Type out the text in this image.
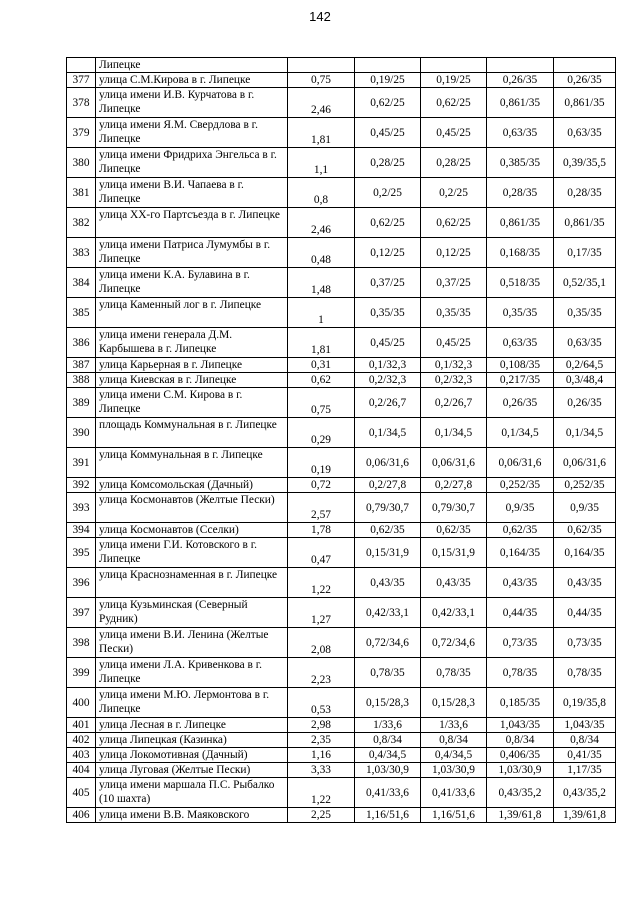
142
	Липецке					
377	улица С.М.Кирова в г. Липецке	0,75	0,19/25	0,19/25	0,26/35	0,26/35
378	улица имени И.В. Курчатова в г. Липецке	2,46	0,62/25	0,62/25	0,861/35	0,861/35
379	улица имени Я.М. Свердлова в г. Липецке	1,81	0,45/25	0,45/25	0,63/35	0,63/35
380	улица имени Фридриха Энгельса в г. Липецке	1,1	0,28/25	0,28/25	0,385/35	0,39/35,5
381	улица имени В.И. Чапаева в г. Липецке	0,8	0,2/25	0,2/25	0,28/35	0,28/35
382	улица XX-го Партсъезда в г. Липецке	2,46	0,62/25	0,62/25	0,861/35	0,861/35
383	улица имени Патриса Лумумбы в г. Липецке	0,48	0,12/25	0,12/25	0,168/35	0,17/35
384	улица имени К.А. Булавина в г. Липецке	1,48	0,37/25	0,37/25	0,518/35	0,52/35,1
385	улица Каменный лог в г. Липецке	1	0,35/35	0,35/35	0,35/35	0,35/35
386	улица имени генерала Д.М. Карбышева в г. Липецке	1,81	0,45/25	0,45/25	0,63/35	0,63/35
387	улица Карьерная в г. Липецке	0,31	0,1/32,3	0,1/32,3	0,108/35	0,2/64,5
388	улица Киевская в г. Липецке	0,62	0,2/32,3	0,2/32,3	0,217/35	0,3/48,4
389	улица имени С.М. Кирова в г. Липецке	0,75	0,2/26,7	0,2/26,7	0,26/35	0,26/35
390	площадь Коммунальная в г. Липецке	0,29	0,1/34,5	0,1/34,5	0,1/34,5	0,1/34,5
391	улица Коммунальная в г. Липецке	0,19	0,06/31,6	0,06/31,6	0,06/31,6	0,06/31,6
392	улица Комсомольская (Дачный)	0,72	0,2/27,8	0,2/27,8	0,252/35	0,252/35
393	улица Космонавтов (Желтые Пески)	2,57	0,79/30,7	0,79/30,7	0,9/35	0,9/35
394	улица Космонавтов (Сселки)	1,78	0,62/35	0,62/35	0,62/35	0,62/35
395	улица имени Г.И. Котовского в г. Липецке	0,47	0,15/31,9	0,15/31,9	0,164/35	0,164/35
396	улица Краснознаменная в г. Липецке	1,22	0,43/35	0,43/35	0,43/35	0,43/35
397	улица Кузьминская (Северный Рудник)	1,27	0,42/33,1	0,42/33,1	0,44/35	0,44/35
398	улица имени В.И. Ленина (Желтые Пески)	2,08	0,72/34,6	0,72/34,6	0,73/35	0,73/35
399	улица имени Л.А. Кривенкова в г. Липецке	2,23	0,78/35	0,78/35	0,78/35	0,78/35
400	улица имени М.Ю. Лермонтова в г. Липецке	0,53	0,15/28,3	0,15/28,3	0,185/35	0,19/35,8
401	улица Лесная в г. Липецке	2,98	1/33,6	1/33,6	1,043/35	1,043/35
402	улица Липецкая (Казинка)	2,35	0,8/34	0,8/34	0,8/34	0,8/34
403	улица Локомотивная (Дачный)	1,16	0,4/34,5	0,4/34,5	0,406/35	0,41/35
404	улица Луговая (Желтые Пески)	3,33	1,03/30,9	1,03/30,9	1,03/30,9	1,17/35
405	улица имени маршала П.С. Рыбалко (10 шахта)	1,22	0,41/33,6	0,41/33,6	0,43/35,2	0,43/35,2
406	улица имени В.В. Маяковского	2,25	1,16/51,6	1,16/51,6	1,39/61,8	1,39/61,8
